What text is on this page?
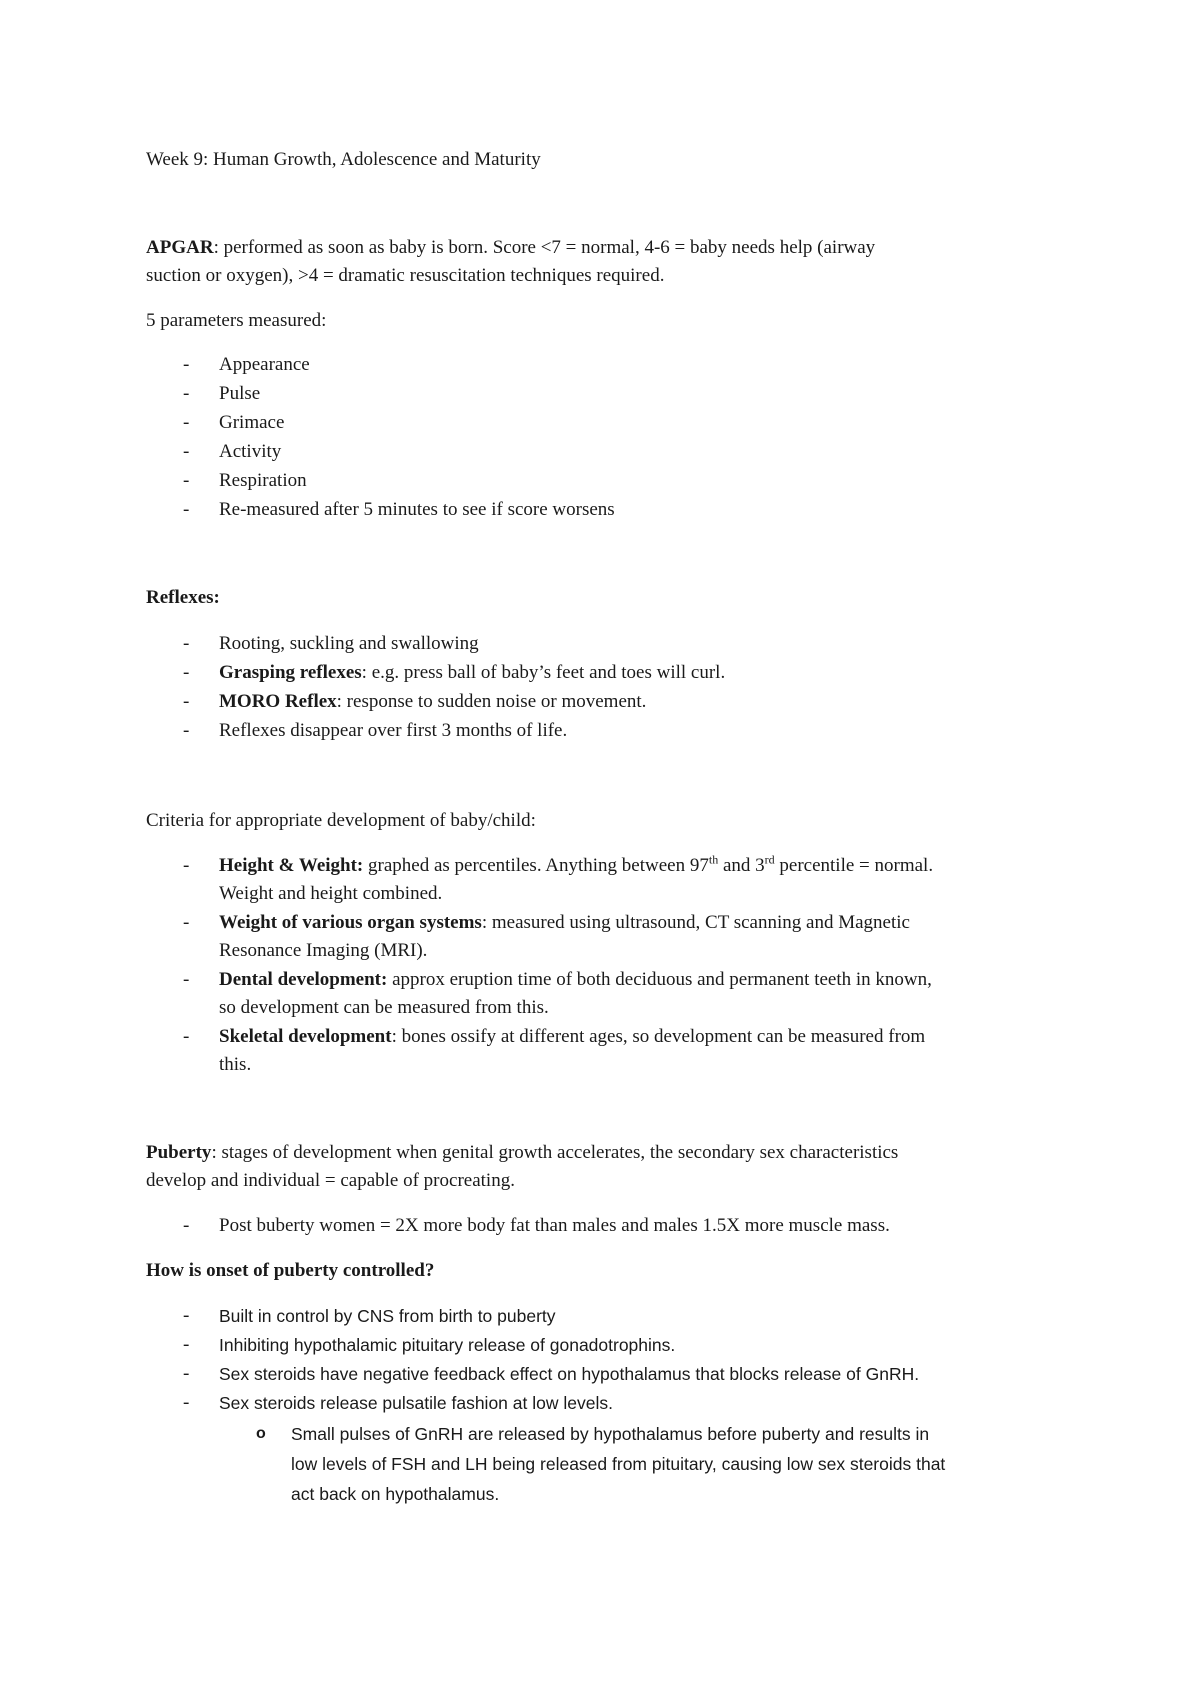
Week 9: Human Growth, Adolescence and Maturity
APGAR: performed as soon as baby is born. Score <7 = normal, 4-6 = baby needs help (airway
suction or oxygen), >4 = dramatic resuscitation techniques required.
5 parameters measured:
- Appearance
- Pulse
- Grimace
- Activity
- Respiration
- Re-measured after 5 minutes to see if score worsens
Reflexes:
- Rooting, suckling and swallowing
- Grasping reflexes: e.g. press ball of baby’s feet and toes will curl.
- MORO Reflex: response to sudden noise or movement.
- Reflexes disappear over first 3 months of life.
Criteria for appropriate development of baby/child:
- Height & Weight: graphed as percentiles. Anything between 97th and 3rd percentile = normal.
Weight and height combined.
- Weight of various organ systems: measured using ultrasound, CT scanning and Magnetic
Resonance Imaging (MRI).
- Dental development: approx eruption time of both deciduous and permanent teeth in known,
so development can be measured from this.
- Skeletal development: bones ossify at different ages, so development can be measured from
this.
Puberty: stages of development when genital growth accelerates, the secondary sex characteristics
develop and individual = capable of procreating.
- Post buberty women = 2X more body fat than males and males 1.5X more muscle mass.
How is onset of puberty controlled?
- Built in control by CNS from birth to puberty
- Inhibiting hypothalamic pituitary release of gonadotrophins.
- Sex steroids have negative feedback effect on hypothalamus that blocks release of GnRH.
- Sex steroids release pulsatile fashion at low levels.
o Small pulses of GnRH are released by hypothalamus before puberty and results in
low levels of FSH and LH being released from pituitary, causing low sex steroids that
act back on hypothalamus.
